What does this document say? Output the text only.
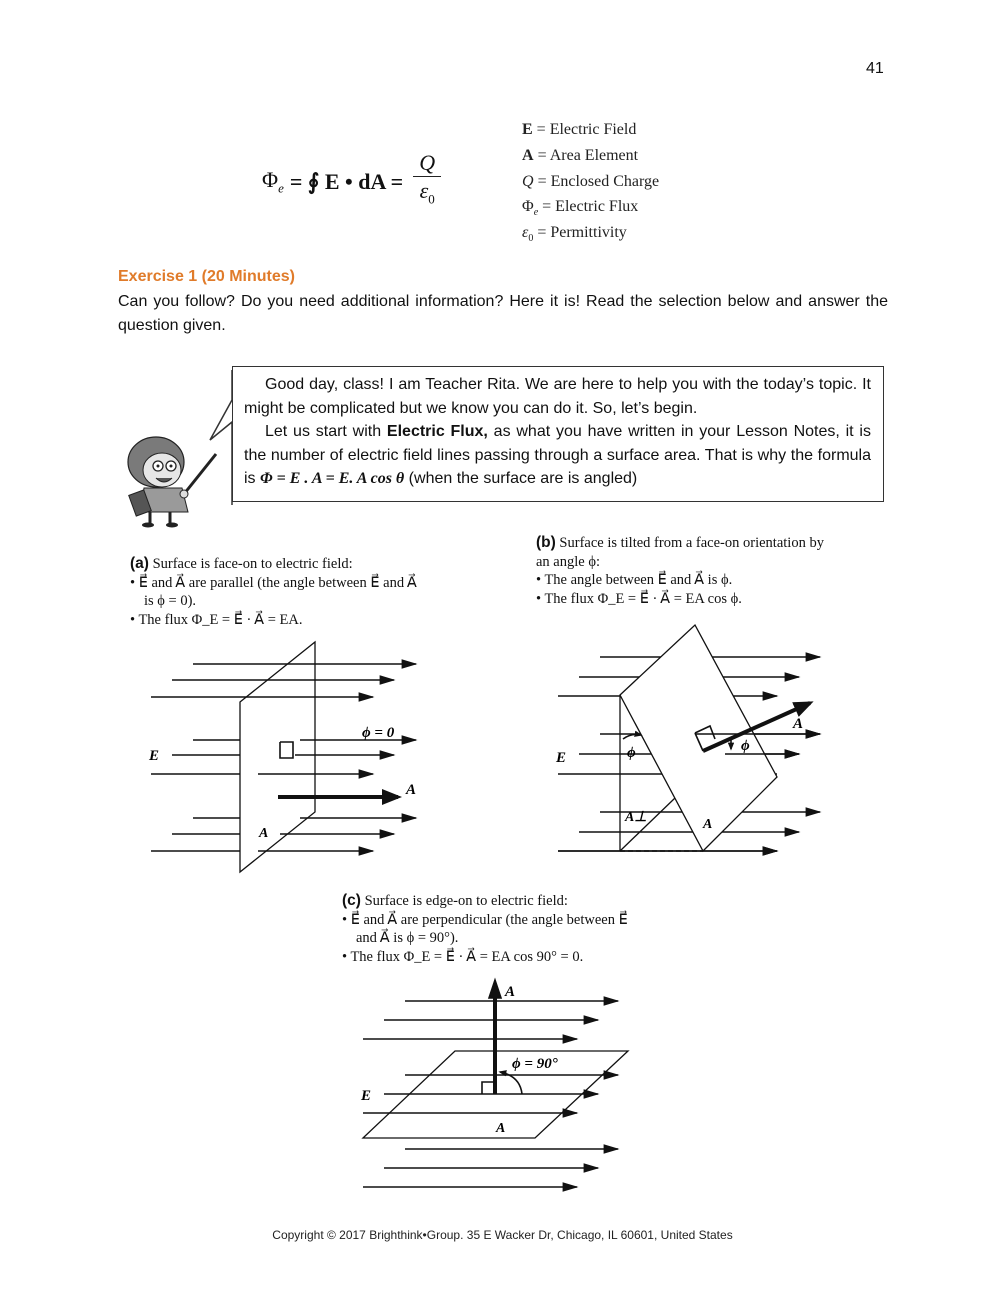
41
$\Phi_e$ = ∮ E • dA = $\frac{Q}{\varepsilon_0}$
E = Electric Field
A = Area Element
Q = Enclosed Charge
$\Phi_e$ = Electric Flux
$\varepsilon_0$ = Permittivity
Exercise 1 (20 Minutes)
Can you follow? Do you need additional information? Here it is! Read the selection below and answer the question given.

Good day, class! I am Teacher Rita. We are here to help you with the today’s topic. It might be complicated but we know you can do it. So, let’s begin.

Let us start with Electric Flux, as what you have written in your Lesson Notes, it is the number of electric field lines passing through a surface area. That is why the formula is Φ = E . A = E. A cos θ (when the surface are is angled)

(a) Surface is face-on to electric field:
• E⃗ and A⃗ are parallel (the angle between E⃗ and A⃗ is ϕ = 0).
• The flux Φ_E = E⃗ · A⃗ = EA.
(b) Surface is tilted from a face-on orientation by an angle ϕ:
• The angle between E⃗ and A⃗ is ϕ.
• The flux Φ_E = E⃗ · A⃗ = EA cos ϕ.
(c) Surface is edge-on to electric field:
• E⃗ and A⃗ are perpendicular (the angle between E⃗ and A⃗ is ϕ = 90°).
• The flux Φ_E = E⃗ · A⃗ = EA cos 90° = 0.
ϕ = 0
A⃗
E⃗
A
A⃗
ϕ
ϕ
E⃗
A⊥	A
A⃗
ϕ = 90°
E⃗
A
Copyright © 2017 Brighthink•Group. 35 E Wacker Dr, Chicago, IL 60601, United States
